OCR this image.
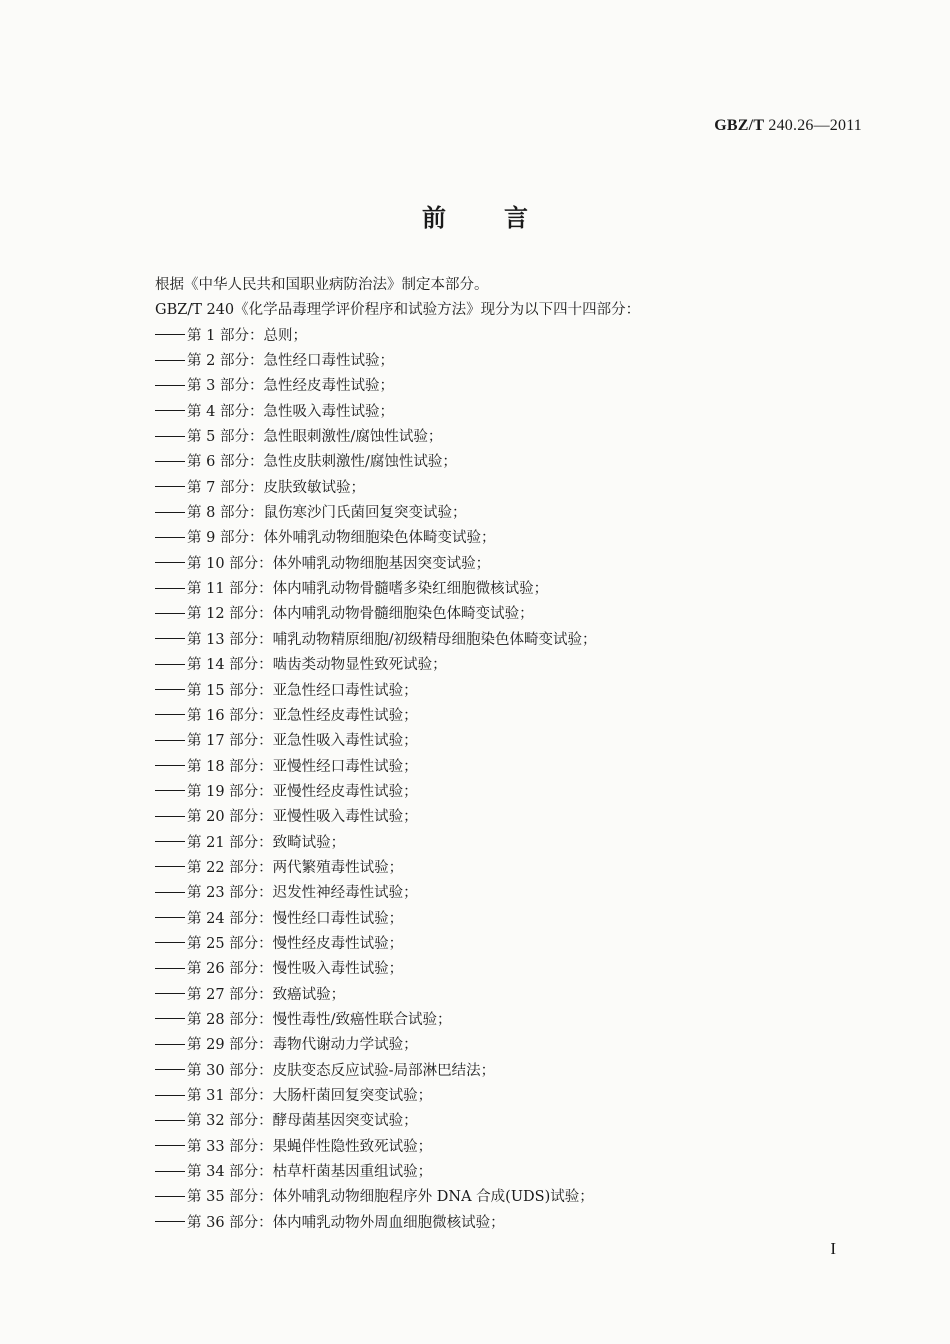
GBZ/T 240.26—2011
前言
根据《中华人民共和国职业病防治法》制定本部分。
GBZ/T 240《化学品毒理学评价程序和试验方法》现分为以下四十四部分：
第 1 部分：总则；
第 2 部分：急性经口毒性试验；
第 3 部分：急性经皮毒性试验；
第 4 部分：急性吸入毒性试验；
第 5 部分：急性眼刺激性/腐蚀性试验；
第 6 部分：急性皮肤刺激性/腐蚀性试验；
第 7 部分：皮肤致敏试验；
第 8 部分：鼠伤寒沙门氏菌回复突变试验；
第 9 部分：体外哺乳动物细胞染色体畸变试验；
第 10 部分：体外哺乳动物细胞基因突变试验；
第 11 部分：体内哺乳动物骨髓嗜多染红细胞微核试验；
第 12 部分：体内哺乳动物骨髓细胞染色体畸变试验；
第 13 部分：哺乳动物精原细胞/初级精母细胞染色体畸变试验；
第 14 部分：啮齿类动物显性致死试验；
第 15 部分：亚急性经口毒性试验；
第 16 部分：亚急性经皮毒性试验；
第 17 部分：亚急性吸入毒性试验；
第 18 部分：亚慢性经口毒性试验；
第 19 部分：亚慢性经皮毒性试验；
第 20 部分：亚慢性吸入毒性试验；
第 21 部分：致畸试验；
第 22 部分：两代繁殖毒性试验；
第 23 部分：迟发性神经毒性试验；
第 24 部分：慢性经口毒性试验；
第 25 部分：慢性经皮毒性试验；
第 26 部分：慢性吸入毒性试验；
第 27 部分：致癌试验；
第 28 部分：慢性毒性/致癌性联合试验；
第 29 部分：毒物代谢动力学试验；
第 30 部分：皮肤变态反应试验-局部淋巴结法；
第 31 部分：大肠杆菌回复突变试验；
第 32 部分：酵母菌基因突变试验；
第 33 部分：果蝇伴性隐性致死试验；
第 34 部分：枯草杆菌基因重组试验；
第 35 部分：体外哺乳动物细胞程序外 DNA 合成(UDS)试验；
第 36 部分：体内哺乳动物外周血细胞微核试验；
I
